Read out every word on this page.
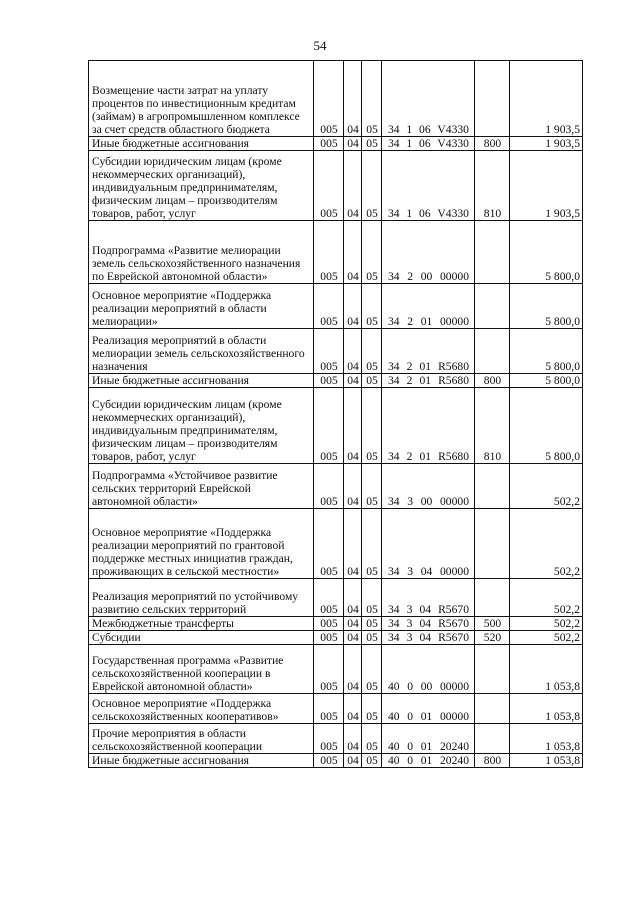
54
Возмещение части затрат на уплату процентов по инвестиционным кредитам (займам) в агропромышленном комплексе за счет средств областного бюджета	005	04	05	34 1 06 V4330		1 903,5
Иные бюджетные ассигнования	005	04	05	34 1 06 V4330	800	1 903,5
Субсидии юридическим лицам (кроме некоммерческих организаций), индивидуальным предпринимателям, физическим лицам – производителям товаров, работ, услуг	005	04	05	34 1 06 V4330	810	1 903,5
Подпрограмма «Развитие мелиорации земель сельскохозяйственного назначения по Еврейской автономной области»	005	04	05	34 2 00 00000		5 800,0
Основное мероприятие «Поддержка реализации мероприятий в области мелиорации»	005	04	05	34 2 01 00000		5 800,0
Реализация мероприятий в области мелиорации земель сельскохозяйственного назначения	005	04	05	34 2 01 R5680		5 800,0
Иные бюджетные ассигнования	005	04	05	34 2 01 R5680	800	5 800,0
Субсидии юридическим лицам (кроме некоммерческих организаций), индивидуальным предпринимателям, физическим лицам – производителям товаров, работ, услуг	005	04	05	34 2 01 R5680	810	5 800,0
Подпрограмма «Устойчивое развитие сельских территорий Еврейской автономной области»	005	04	05	34 3 00 00000		502,2
Основное мероприятие «Поддержка реализации мероприятий по грантовой поддержке местных инициатив граждан, проживающих в сельской местности»	005	04	05	34 3 04 00000		502,2
Реализация мероприятий по устойчивому развитию сельских территорий	005	04	05	34 3 04 R5670		502,2
Межбюджетные трансферты	005	04	05	34 3 04 R5670	500	502,2
Субсидии	005	04	05	34 3 04 R5670	520	502,2
Государственная программа «Развитие сельскохозяйственной кооперации в Еврейской автономной области»	005	04	05	40 0 00 00000		1 053,8
Основное мероприятие «Поддержка сельскохозяйственных кооперативов»	005	04	05	40 0 01 00000		1 053,8
Прочие мероприятия в области сельскохозяйственной кооперации	005	04	05	40 0 01 20240		1 053,8
Иные бюджетные ассигнования	005	04	05	40 0 01 20240	800	1 053,8
